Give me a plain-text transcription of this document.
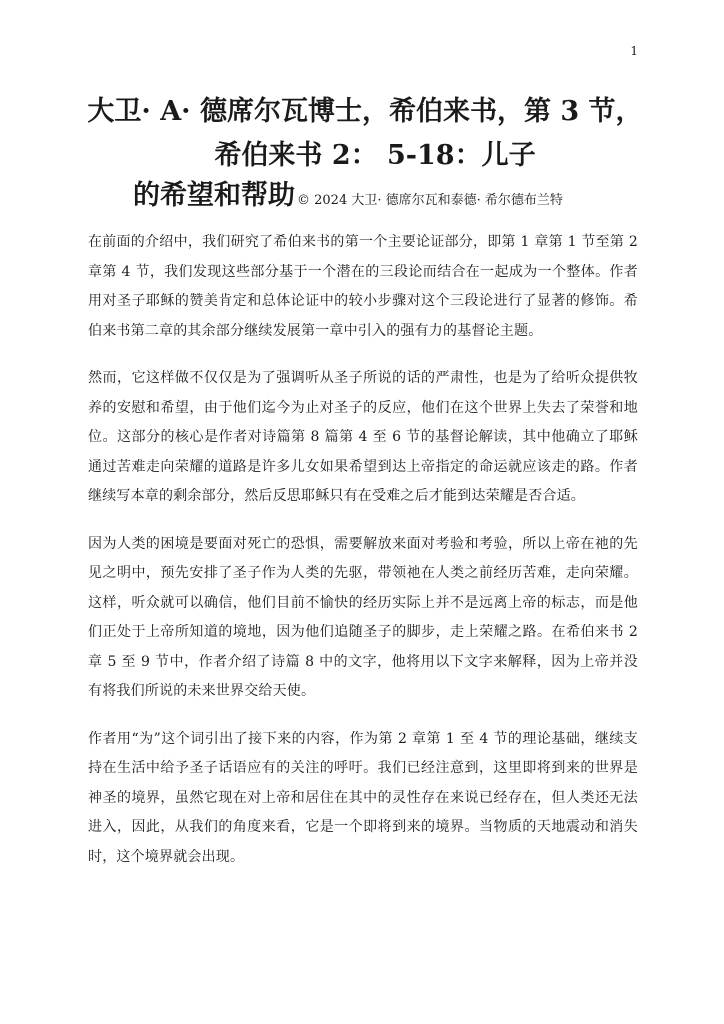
1
大卫· A· 德席尔瓦博士，希伯来书，第 3 节，
希伯来书 2： 5-18：儿子
的希望和帮助 © 2024 大卫· 德席尔瓦和泰德· 希尔德布兰特

在前面的介绍中，我们研究了希伯来书的第一个主要论证部分，即第 1 章第 1 节至第 2 章第 4 节，我们发现这些部分基于一个潜在的三段论而结合在一起成为一个整体。作者用对圣子耶稣的赞美肯定和总体论证中的较小步骤对这个三段论进行了显著的修饰。希伯来书第二章的其余部分继续发展第一章中引入的强有力的基督论主题。

然而，它这样做不仅仅是为了强调听从圣子所说的话的严肃性，也是为了给听众提供牧养的安慰和希望，由于他们迄今为止对圣子的反应，他们在这个世界上失去了荣誉和地位。这部分的核心是作者对诗篇第 8 篇第 4 至 6 节的基督论解读，其中他确立了耶稣通过苦难走向荣耀的道路是许多儿女如果希望到达上帝指定的命运就应该走的路。作者继续写本章的剩余部分，然后反思耶稣只有在受难之后才能到达荣耀是否合适。

因为人类的困境是要面对死亡的恐惧，需要解放来面对考验和考验，所以上帝在祂的先见之明中，预先安排了圣子作为人类的先驱，带领祂在人类之前经历苦难，走向荣耀。这样，听众就可以确信，他们目前不愉快的经历实际上并不是远离上帝的标志，而是他们正处于上帝所知道的境地，因为他们追随圣子的脚步，走上荣耀之路。在希伯来书 2 章 5 至 9 节中，作者介绍了诗篇 8 中的文字，他将用以下文字来解释，因为上帝并没有将我们所说的未来世界交给天使。

作者用“为”这个词引出了接下来的内容，作为第 2 章第 1 至 4 节的理论基础，继续支持在生活中给予圣子话语应有的关注的呼吁。我们已经注意到，这里即将到来的世界是神圣的境界，虽然它现在对上帝和居住在其中的灵性存在来说已经存在，但人类还无法进入，因此，从我们的角度来看，它是一个即将到来的境界。当物质的天地震动和消失时，这个境界就会出现。
